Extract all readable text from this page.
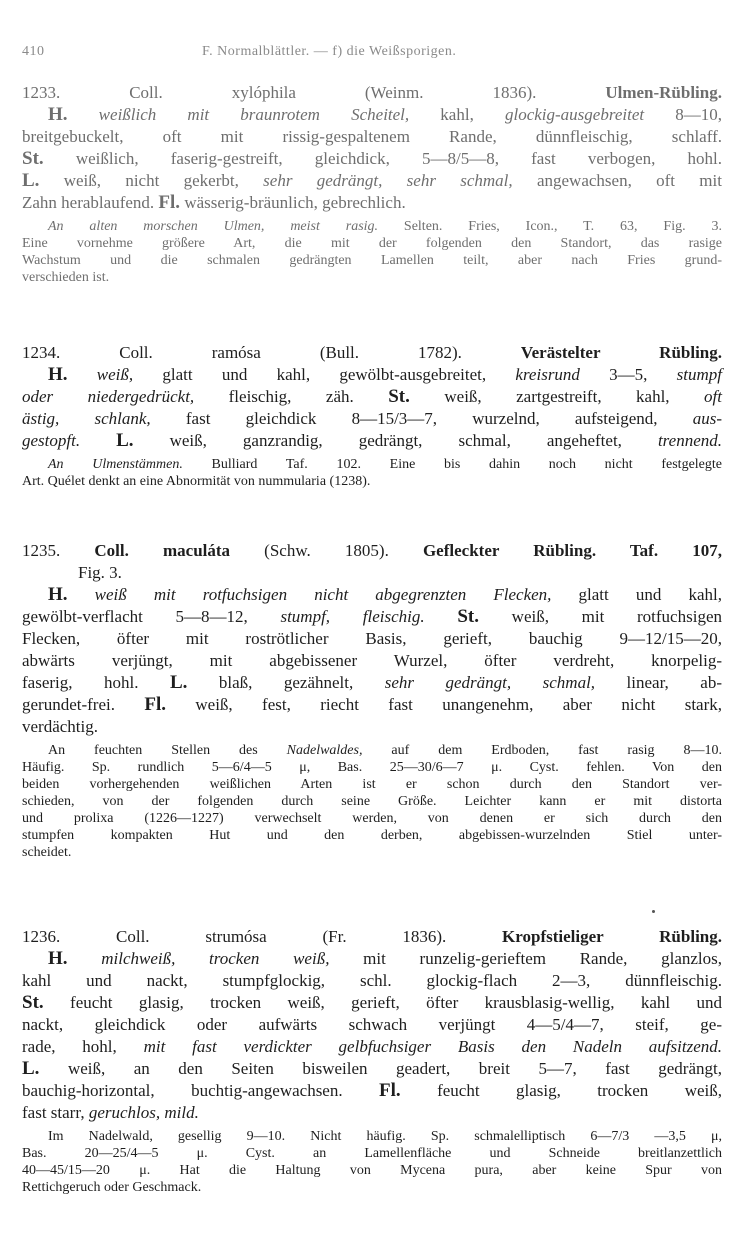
410	F. Normalblättler. — f) die Weißsporigen.
1233. Coll. xylóphila (Weinm. 1836). Ulmen-Rübling.
H. weißlich mit braunrotem Scheitel, kahl, glockig-ausgebreitet 8—10,
breitgebuckelt, oft mit rissig-gespaltenem Rande, dünnfleischig, schlaff.
St. weißlich, faserig-gestreift, gleichdick, 5—8/5—8, fast verbogen, hohl.
L. weiß, nicht gekerbt, sehr gedrängt, sehr schmal, angewachsen, oft mit
Zahn herablaufend. Fl. wässerig-bräunlich, gebrechlich.
An alten morschen Ulmen, meist rasig. Selten. Fries, Icon., T. 63, Fig. 3.
Eine vornehme größere Art, die mit der folgenden den Standort, das rasige
Wachstum und die schmalen gedrängten Lamellen teilt, aber nach Fries grund-
verschieden ist.
1234. Coll. ramósa (Bull. 1782). Verästelter Rübling.
H. weiß, glatt und kahl, gewölbt-ausgebreitet, kreisrund 3—5, stumpf
oder niedergedrückt, fleischig, zäh. St. weiß, zartgestreift, kahl, oft
ästig, schlank, fast gleichdick 8—15/3—7, wurzelnd, aufsteigend, aus-
gestopft. L. weiß, ganzrandig, gedrängt, schmal, angeheftet, trennend.
An Ulmenstämmen. Bulliard Taf. 102. Eine bis dahin noch nicht festgelegte
Art. Quélet denkt an eine Abnormität von nummularia (1238).
1235. Coll. maculáta (Schw. 1805). Gefleckter Rübling. Taf. 107,
Fig. 3.
H. weiß mit rotfuchsigen nicht abgegrenzten Flecken, glatt und kahl,
gewölbt-verflacht 5—8—12, stumpf, fleischig. St. weiß, mit rotfuchsigen
Flecken, öfter mit roströtlicher Basis, gerieft, bauchig 9—12/15—20,
abwärts verjüngt, mit abgebissener Wurzel, öfter verdreht, knorpelig-
faserig, hohl. L. blaß, gezähnelt, sehr gedrängt, schmal, linear, ab-
gerundet-frei. Fl. weiß, fest, riecht fast unangenehm, aber nicht stark,
verdächtig.
An feuchten Stellen des Nadelwaldes, auf dem Erdboden, fast rasig 8—10.
Häufig. Sp. rundlich 5—6/4—5 μ, Bas. 25—30/6—7 μ. Cyst. fehlen. Von den
beiden vorhergehenden weißlichen Arten ist er schon durch den Standort ver-
schieden, von der folgenden durch seine Größe. Leichter kann er mit distorta
und prolixa (1226—1227) verwechselt werden, von denen er sich durch den
stumpfen kompakten Hut und den derben, abgebissen-wurzelnden Stiel unter-
scheidet.
1236. Coll. strumósa (Fr. 1836). Kropfstieliger Rübling.
H. milchweiß, trocken weiß, mit runzelig-gerieftem Rande, glanzlos,
kahl und nackt, stumpfglockig, schl. glockig-flach 2—3, dünnfleischig.
St. feucht glasig, trocken weiß, gerieft, öfter krausblasig-wellig, kahl und
nackt, gleichdick oder aufwärts schwach verjüngt 4—5/4—7, steif, ge-
rade, hohl, mit fast verdickter gelbfuchsiger Basis den Nadeln aufsitzend.
L. weiß, an den Seiten bisweilen geadert, breit 5—7, fast gedrängt,
bauchig-horizontal, buchtig-angewachsen. Fl. feucht glasig, trocken weiß,
fast starr, geruchlos, mild.
Im Nadelwald, gesellig 9—10. Nicht häufig. Sp. schmalelliptisch 6—7/3 —3,5 μ,
Bas. 20—25/4—5 μ. Cyst. an Lamellenfläche und Schneide breitlanzettlich
40—45/15—20 μ. Hat die Haltung von Mycena pura, aber keine Spur von
Rettichgeruch oder Geschmack.
